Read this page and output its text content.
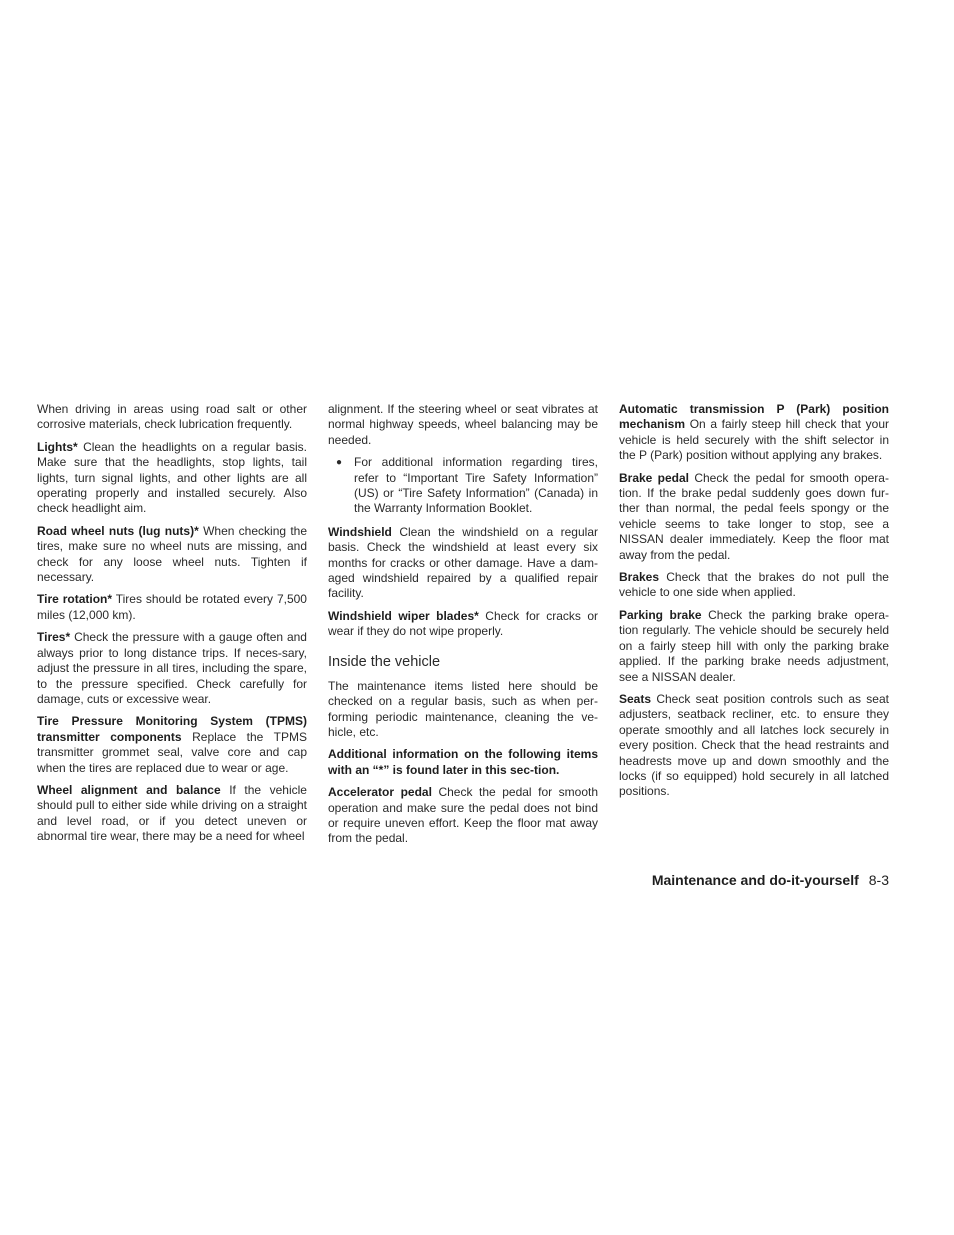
When driving in areas using road salt or other corrosive materials, check lubrication frequently.

Lights* Clean the headlights on a regular basis. Make sure that the headlights, stop lights, tail lights, turn signal lights, and other lights are all operating properly and installed securely. Also check headlight aim.

Road wheel nuts (lug nuts)* When checking the tires, make sure no wheel nuts are missing, and check for any loose wheel nuts. Tighten if necessary.

Tire rotation* Tires should be rotated every 7,500 miles (12,000 km).

Tires* Check the pressure with a gauge often and always prior to long distance trips. If neces-sary, adjust the pressure in all tires, including the spare, to the pressure specified. Check carefully for damage, cuts or excessive wear.

Tire Pressure Monitoring System (TPMS) transmitter components Replace the TPMS transmitter grommet seal, valve core and cap when the tires are replaced due to wear or age.

Wheel alignment and balance If the vehicle should pull to either side while driving on a straight and level road, or if you detect uneven or abnormal tire wear, there may be a need for wheel

alignment. If the steering wheel or seat vibrates at normal highway speeds, wheel balancing may be needed.

● For additional information regarding tires, refer to “Important Tire Safety Information” (US) or “Tire Safety Information” (Canada) in the Warranty Information Booklet.

Windshield Clean the windshield on a regular basis. Check the windshield at least every six months for cracks or other damage. Have a dam-aged windshield repaired by a qualified repair facility.

Windshield wiper blades* Check for cracks or wear if they do not wipe properly.

Inside the vehicle

The maintenance items listed here should be checked on a regular basis, such as when per-forming periodic maintenance, cleaning the ve-hicle, etc.

Additional information on the following items with an “*” is found later in this sec-tion.

Accelerator pedal Check the pedal for smooth operation and make sure the pedal does not bind or require uneven effort. Keep the floor mat away from the pedal.

Automatic transmission P (Park) position mechanism On a fairly steep hill check that your vehicle is held securely with the shift selector in the P (Park) position without applying any brakes.

Brake pedal Check the pedal for smooth opera-tion. If the brake pedal suddenly goes down fur-ther than normal, the pedal feels spongy or the vehicle seems to take longer to stop, see a NISSAN dealer immediately. Keep the floor mat away from the pedal.

Brakes Check that the brakes do not pull the vehicle to one side when applied.

Parking brake Check the parking brake opera-tion regularly. The vehicle should be securely held on a fairly steep hill with only the parking brake applied. If the parking brake needs adjustment, see a NISSAN dealer.

Seats Check seat position controls such as seat adjusters, seatback recliner, etc. to ensure they operate smoothly and all latches lock securely in every position. Check that the head restraints and headrests move up and down smoothly and the locks (if so equipped) hold securely in all latched positions.

Maintenance and do-it-yourself 8-3
